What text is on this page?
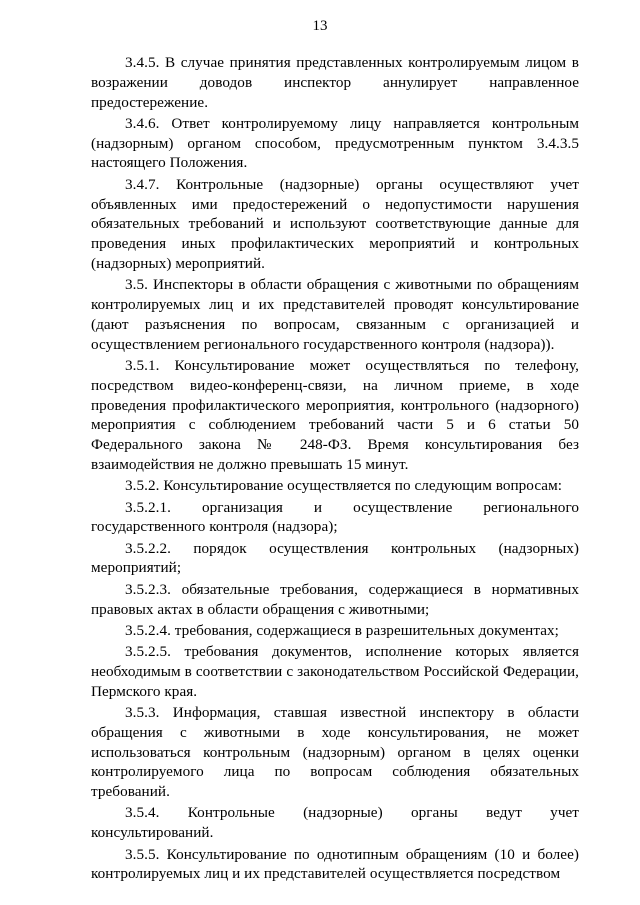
13

3.4.5. В случае принятия представленных контролируемым лицом в возражении доводов инспектор аннулирует направленное предостережение.

3.4.6. Ответ контролируемому лицу направляется контрольным (надзорным) органом способом, предусмотренным пунктом 3.4.3.5 настоящего Положения.

3.4.7. Контрольные (надзорные) органы осуществляют учет объявленных ими предостережений о недопустимости нарушения обязательных требований и используют соответствующие данные для проведения иных профилактических мероприятий и контрольных (надзорных) мероприятий.

3.5. Инспекторы в области обращения с животными по обращениям контролируемых лиц и их представителей проводят консультирование (дают разъяснения по вопросам, связанным с организацией и осуществлением регионального государственного контроля (надзора)).

3.5.1. Консультирование может осуществляться по телефону, посредством видео-конференц-связи, на личном приеме, в ходе проведения профилактического мероприятия, контрольного (надзорного) мероприятия с соблюдением требований части 5 и 6 статьи 50 Федерального закона № 248-ФЗ. Время консультирования без взаимодействия не должно превышать 15 минут.

3.5.2. Консультирование осуществляется по следующим вопросам:

3.5.2.1. организация и осуществление регионального государственного контроля (надзора);

3.5.2.2. порядок осуществления контрольных (надзорных) мероприятий;

3.5.2.3. обязательные требования, содержащиеся в нормативных правовых актах в области обращения с животными;

3.5.2.4. требования, содержащиеся в разрешительных документах;

3.5.2.5. требования документов, исполнение которых является необходимым в соответствии с законодательством Российской Федерации, Пермского края.

3.5.3. Информация, ставшая известной инспектору в области обращения с животными в ходе консультирования, не может использоваться контрольным (надзорным) органом в целях оценки контролируемого лица по вопросам соблюдения обязательных требований.

3.5.4. Контрольные (надзорные) органы ведут учет консультирований.

3.5.5. Консультирование по однотипным обращениям (10 и более) контролируемых лиц и их представителей осуществляется посредством
